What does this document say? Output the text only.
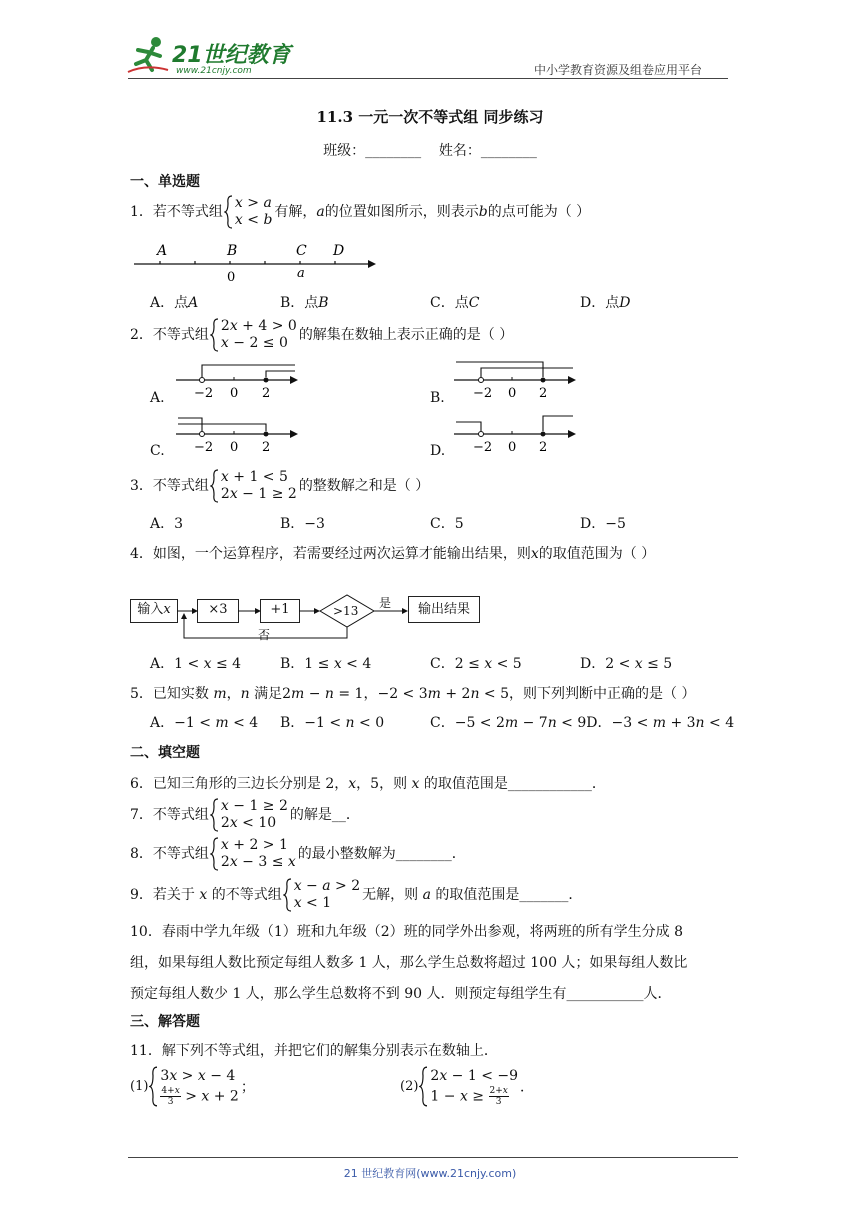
21世纪教育
www.21cnjy.com	中小学教育资源及组卷应用平台
11.3 一元一次不等式组 同步练习
班级：________    姓名：________
一、单选题
1．若不等式组
𝑥 > 𝑎
𝑥 < 𝑏 有解，𝑎的位置如图所示，则表示𝑏的点可能为（ ）
A	B	C D
0	a
A．点𝐴	B．点𝐵	C．点𝐶	D．点𝐷
2．不等式组
2𝑥 + 4 > 0
𝑥 − 2 ≤ 0 的解集在数轴上表示正确的是（ ）
A. −2 0 2	B. −2 0 2
C. −2 0 2	D. −2 0 2
3．不等式组
𝑥 + 1 < 5
2𝑥 − 1 ≥ 2 的整数解之和是（ ）
A．3	B．−3	C．5	D．−5
4．如图，一个运算程序，若需要经过两次运算才能输出结果，则𝑥的取值范围为（ ）
输入𝑥	×3	+1	输出结果
>13
是
否
A．1 < 𝑥 ≤ 4	B．1 ≤ 𝑥 < 4	C．2 ≤ 𝑥 < 5	D．2 < 𝑥 ≤ 5
5．已知实数 𝑚，𝑛 满足2𝑚 − 𝑛 = 1，−2 < 3𝑚 + 2𝑛 < 5，则下列判断中正确的是（ ）
A．−1 < 𝑚 < 4 B．−1 < 𝑛 < 0	C．−5 < 2𝑚 − 7𝑛 < 9D．−3 < 𝑚 + 3𝑛 < 4
二、填空题
6．已知三角形的三边长分别是 2，𝑥，5，则 𝑥 的取值范围是____________．
7．不等式组
𝑥 − 1 ≥ 2
2𝑥 < 10 的解是__．
8．不等式组
𝑥 + 2 > 1
2𝑥 − 3 ≤ 𝑥 的最小整数解为________．
9．若关于 𝑥 的不等式组
𝑥 − 𝑎 > 2
𝑥 < 1	无解，则 𝑎 的取值范围是_______．
10．春雨中学九年级（1）班和九年级（2）班的同学外出参观，将两班的所有学生分成 8
组，如果每组人数比预定每组人数多 1 人，那么学生总数将超过 100 人；如果每组人数比
预定每组人数少 1 人，那么学生总数将不到 90 人．则预定每组学生有___________人．
三、解答题
11．解下列不等式组，并把它们的解集分别表示在数轴上．
(1)
3𝑥 > 𝑥 − 4
$\frac{\text{4+𝑥}}{3}$ > 𝑥 + 2
；	(2)
2𝑥 − 1 < −9
1 − 𝑥 ≥ $\frac{\text{2+𝑥}}{3}$ ．
21 世纪教育网(www.21cnjy.com)
